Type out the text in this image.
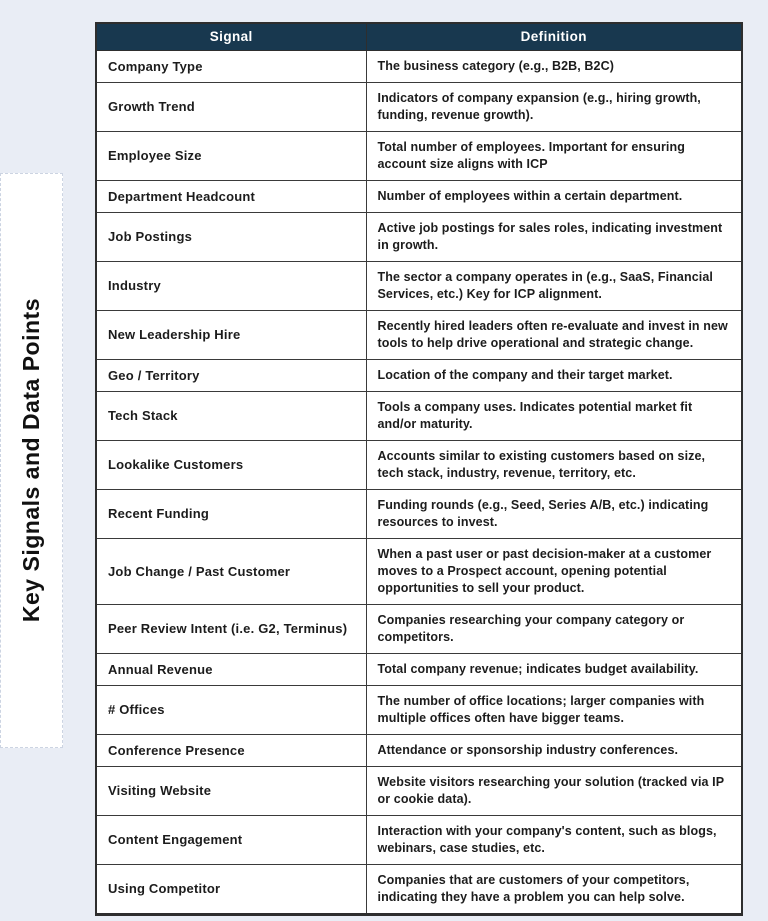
Key Signals and Data Points
Signal	Definition
Company Type	The business category (e.g., B2B, B2C)
Growth Trend	Indicators of company expansion (e.g., hiring growth, funding, revenue growth).
Employee Size	Total number of employees. Important for ensuring account size aligns with ICP
Department Headcount	Number of employees within a certain department.
Job Postings	Active job postings for sales roles, indicating investment in growth.
Industry	The sector a company operates in (e.g., SaaS, Financial Services, etc.) Key for ICP alignment.
New Leadership Hire	Recently hired leaders often re-evaluate and invest in new tools to help drive operational and strategic change.
Geo / Territory	Location of the company and their target market.
Tech Stack	Tools a company uses. Indicates potential market fit and/or maturity.
Lookalike Customers	Accounts similar to existing customers based on size, tech stack, industry, revenue, territory, etc.
Recent Funding	Funding rounds (e.g., Seed, Series A/B, etc.) indicating resources to invest.
Job Change / Past Customer	When a past user or past decision-maker at a customer moves to a Prospect account, opening potential opportunities to sell your product.
Peer Review Intent (i.e. G2, Terminus)	Companies researching your company category or competitors.
Annual Revenue	Total company revenue; indicates budget availability.
# Offices	The number of office locations; larger companies with multiple offices often have bigger teams.
Conference Presence	Attendance or sponsorship industry conferences.
Visiting Website	Website visitors researching your solution (tracked via IP or cookie data).
Content Engagement	Interaction with your company's content, such as blogs, webinars, case studies, etc.
Using Competitor	Companies that are customers of your competitors, indicating they have a problem you can help solve.
